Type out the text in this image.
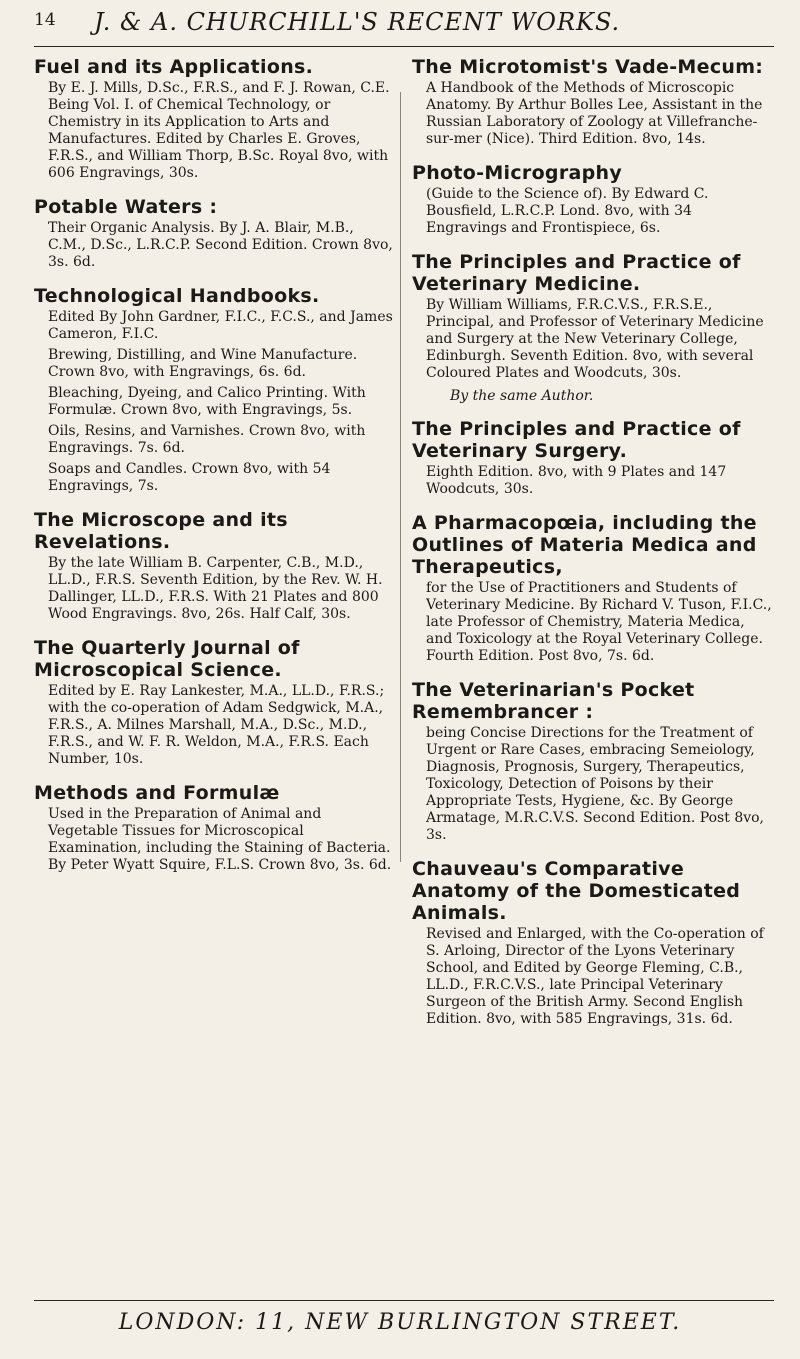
14 J. & A. CHURCHILL'S RECENT WORKS.
Fuel and its Applications.

By E. J. Mills, D.Sc., F.R.S., and F. J. Rowan, C.E. Being Vol. I. of Chemical Technology, or Chemistry in its Application to Arts and Manufactures. Edited by Charles E. Groves, F.R.S., and William Thorp, B.Sc. Royal 8vo, with 606 Engravings, 30s.

Potable Waters :

Their Organic Analysis. By J. A. Blair, M.B., C.M., D.Sc., L.R.C.P. Second Edition. Crown 8vo, 3s. 6d.

Technological Handbooks.

Edited By John Gardner, F.I.C., F.C.S., and James Cameron, F.I.C.

Brewing, Distilling, and Wine Manufacture. Crown 8vo, with Engravings, 6s. 6d.

Bleaching, Dyeing, and Calico Printing. With Formulæ. Crown 8vo, with Engravings, 5s.

Oils, Resins, and Varnishes. Crown 8vo, with Engravings. 7s. 6d.

Soaps and Candles. Crown 8vo, with 54 Engravings, 7s.

The Microscope and its Revelations.

By the late William B. Carpenter, C.B., M.D., LL.D., F.R.S. Seventh Edition, by the Rev. W. H. Dallinger, LL.D., F.R.S. With 21 Plates and 800 Wood Engravings. 8vo, 26s. Half Calf, 30s.

The Quarterly Journal of Microscopical Science.

Edited by E. Ray Lankester, M.A., LL.D., F.R.S.; with the co-operation of Adam Sedgwick, M.A., F.R.S., A. Milnes Marshall, M.A., D.Sc., M.D., F.R.S., and W. F. R. Weldon, M.A., F.R.S. Each Number, 10s.

Methods and Formulæ

Used in the Preparation of Animal and Vegetable Tissues for Microscopical Examination, including the Staining of Bacteria. By Peter Wyatt Squire, F.L.S. Crown 8vo, 3s. 6d.

The Microtomist's Vade-Mecum:

A Handbook of the Methods of Microscopic Anatomy. By Arthur Bolles Lee, Assistant in the Russian Laboratory of Zoology at Villefranche-sur-mer (Nice). Third Edition. 8vo, 14s.

Photo-Micrography

(Guide to the Science of). By Edward C. Bousfield, L.R.C.P. Lond. 8vo, with 34 Engravings and Frontispiece, 6s.

The Principles and Practice of Veterinary Medicine.

By William Williams, F.R.C.V.S., F.R.S.E., Principal, and Professor of Veterinary Medicine and Surgery at the New Veterinary College, Edinburgh. Seventh Edition. 8vo, with several Coloured Plates and Woodcuts, 30s.

By the same Author.
The Principles and Practice of Veterinary Surgery.

Eighth Edition. 8vo, with 9 Plates and 147 Woodcuts, 30s.

A Pharmacopœia, including the Outlines of Materia Medica and Therapeutics,

for the Use of Practitioners and Students of Veterinary Medicine. By Richard V. Tuson, F.I.C., late Professor of Chemistry, Materia Medica, and Toxicology at the Royal Veterinary College. Fourth Edition. Post 8vo, 7s. 6d.

The Veterinarian's Pocket Remembrancer :

being Concise Directions for the Treatment of Urgent or Rare Cases, embracing Semeiology, Diagnosis, Prognosis, Surgery, Therapeutics, Toxicology, Detection of Poisons by their Appropriate Tests, Hygiene, &c. By George Armatage, M.R.C.V.S. Second Edition. Post 8vo, 3s.

Chauveau's Comparative Anatomy of the Domesticated Animals.

Revised and Enlarged, with the Co-operation of S. Arloing, Director of the Lyons Veterinary School, and Edited by George Fleming, C.B., LL.D., F.R.C.V.S., late Principal Veterinary Surgeon of the British Army. Second English Edition. 8vo, with 585 Engravings, 31s. 6d.

LONDON: 11, NEW BURLINGTON STREET.
